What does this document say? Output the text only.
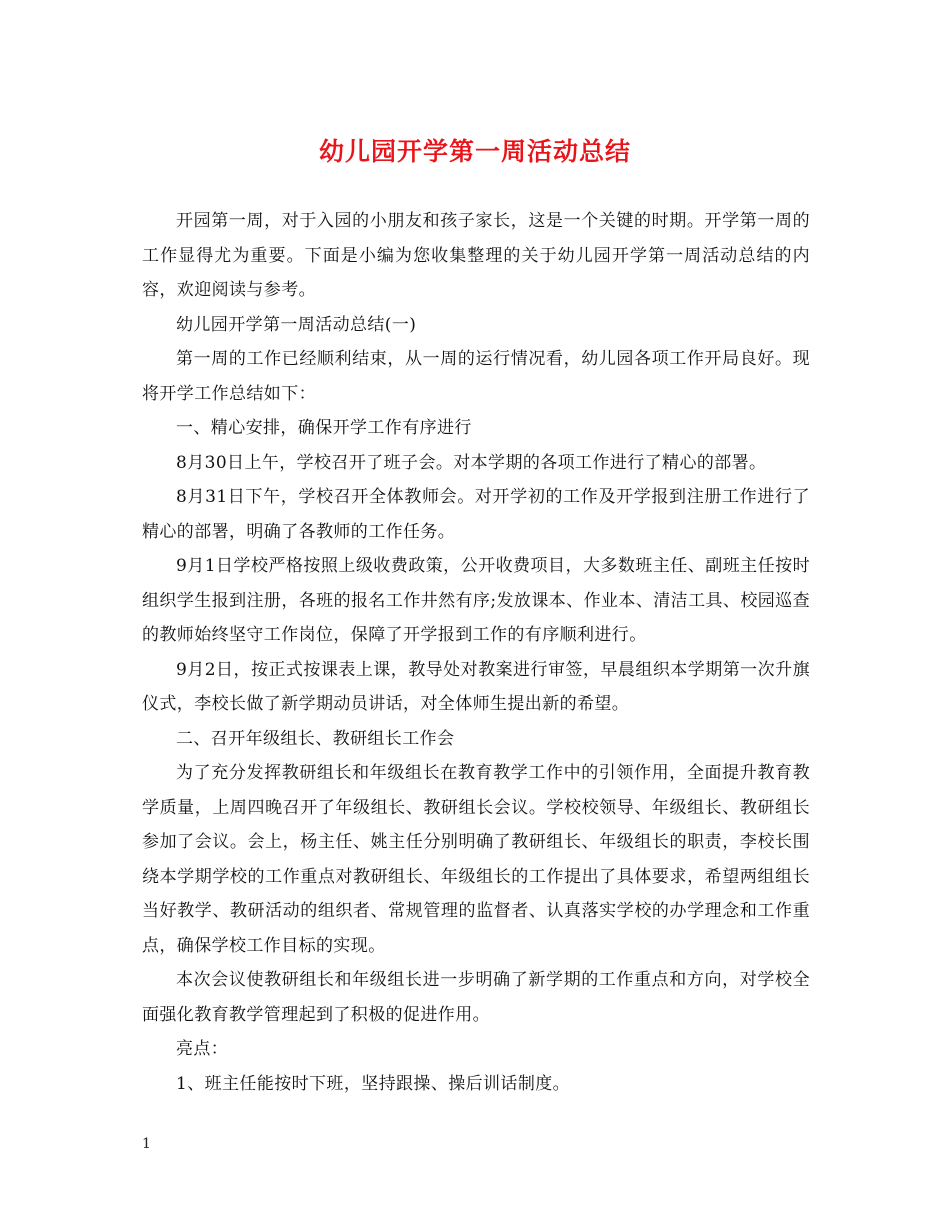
幼儿园开学第一周活动总结

开园第一周，对于入园的小朋友和孩子家长，这是一个关键的时期。开学第一周的工作显得尤为重要。下面是小编为您收集整理的关于幼儿园开学第一周活动总结的内容，欢迎阅读与参考。

幼儿园开学第一周活动总结(一)

第一周的工作已经顺利结束，从一周的运行情况看，幼儿园各项工作开局良好。现将开学工作总结如下：

一、精心安排，确保开学工作有序进行

8月30日上午，学校召开了班子会。对本学期的各项工作进行了精心的部署。

8月31日下午，学校召开全体教师会。对开学初的工作及开学报到注册工作进行了精心的部署，明确了各教师的工作任务。

9月1日学校严格按照上级收费政策，公开收费项目，大多数班主任、副班主任按时组织学生报到注册，各班的报名工作井然有序;发放课本、作业本、清洁工具、校园巡查的教师始终坚守工作岗位，保障了开学报到工作的有序顺利进行。

9月2日，按正式按课表上课，教导处对教案进行审签，早晨组织本学期第一次升旗仪式，李校长做了新学期动员讲话，对全体师生提出新的希望。

二、召开年级组长、教研组长工作会

为了充分发挥教研组长和年级组长在教育教学工作中的引领作用，全面提升教育教学质量，上周四晚召开了年级组长、教研组长会议。学校校领导、年级组长、教研组长参加了会议。会上，杨主任、姚主任分别明确了教研组长、年级组长的职责，李校长围绕本学期学校的工作重点对教研组长、年级组长的工作提出了具体要求，希望两组组长当好教学、教研活动的组织者、常规管理的监督者、认真落实学校的办学理念和工作重点，确保学校工作目标的实现。

本次会议使教研组长和年级组长进一步明确了新学期的工作重点和方向，对学校全面强化教育教学管理起到了积极的促进作用。

亮点：

1、班主任能按时下班，坚持跟操、操后训话制度。

1
